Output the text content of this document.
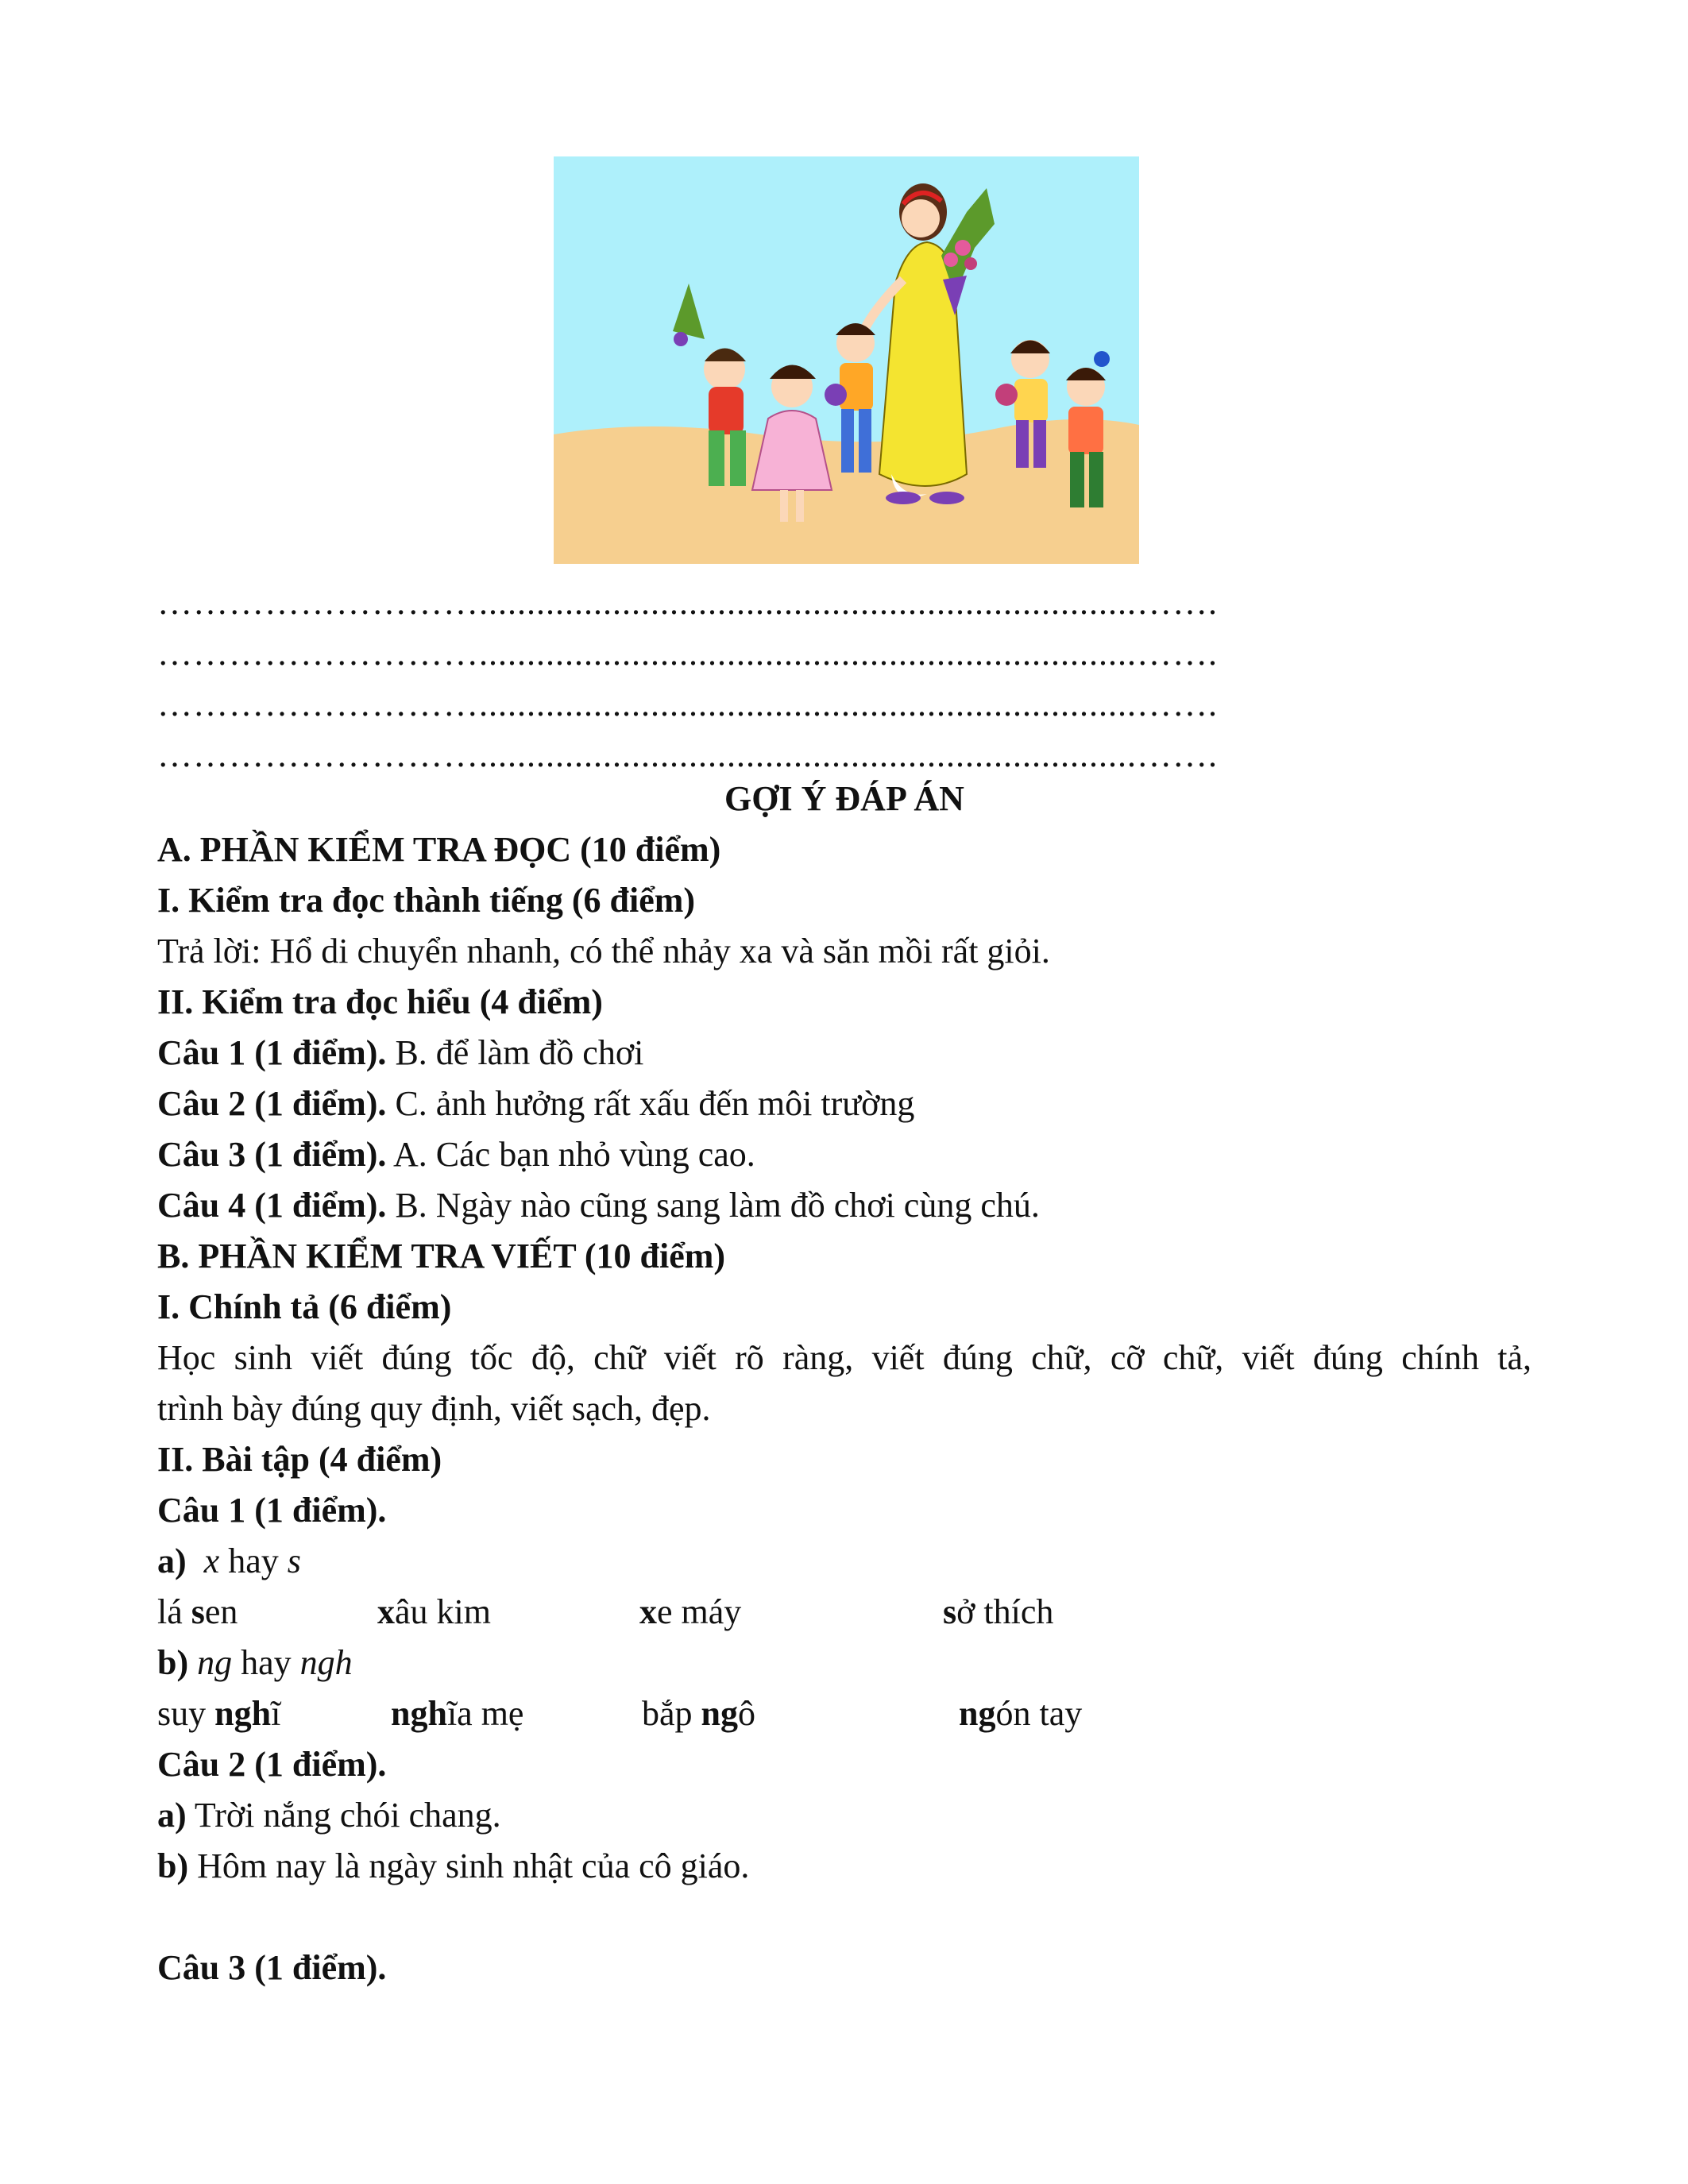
……………………….....................................................................…….
……………………….....................................................................…….
……………………….....................................................................…….
……………………….....................................................................…….
GỢI Ý ĐÁP ÁN
A. PHẦN KIỂM TRA ĐỌC (10 điểm)
I. Kiểm tra đọc thành tiếng (6 điểm)
Trả lời: Hổ di chuyển nhanh, có thể nhảy xa và săn mồi rất giỏi.
II. Kiểm tra đọc hiểu (4 điểm)
Câu 1 (1 điểm). B. để làm đồ chơi
Câu 2 (1 điểm). C. ảnh hưởng rất xấu đến môi trường
Câu 3 (1 điểm). A. Các bạn nhỏ vùng cao.
Câu 4 (1 điểm). B. Ngày nào cũng sang làm đồ chơi cùng chú.
B. PHẦN KIỂM TRA VIẾT (10 điểm)
I. Chính tả (6 điểm)
Học sinh viết đúng tốc độ, chữ viết rõ ràng, viết đúng chữ, cỡ chữ, viết đúng chính tả,
trình bày đúng quy định, viết sạch, đẹp.
II. Bài tập (4 điểm)
Câu 1 (1 điểm).
a) x hay s
lá sen	xâu kim	xe máy	sở thích
b) ng hay ngh
suy nghĩ	nghĩa mẹ	bắp ngô	ngón tay
Câu 2 (1 điểm).
a) Trời nắng chói chang.
b) Hôm nay là ngày sinh nhật của cô giáo.
Câu 3 (1 điểm).
